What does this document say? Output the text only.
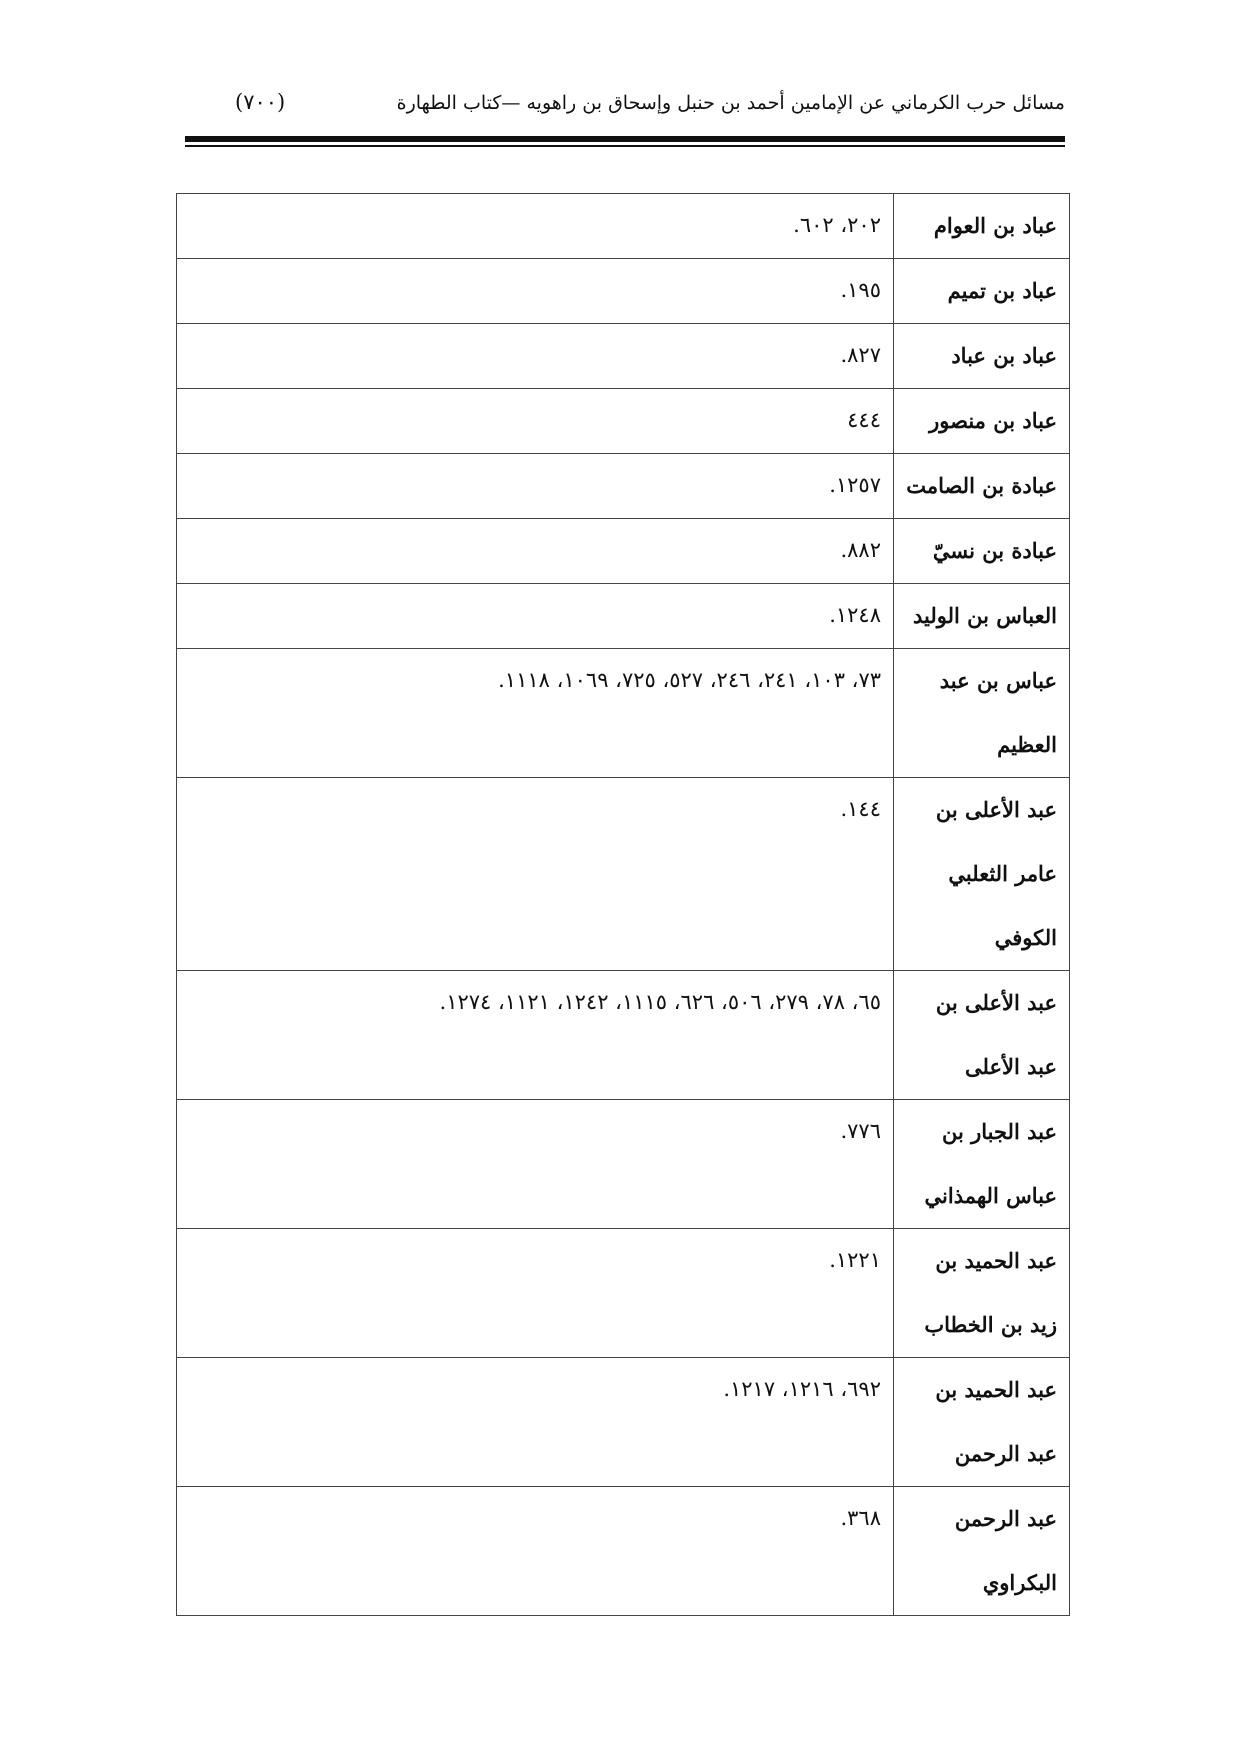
مسائل حرب الكرماني عن الإمامين أحمد بن حنبل وإسحاق بن راهويه —كتاب الطهارة
(٧٠٠)
عباد بن العوام	٢٠٢، ٦٠٢.
عباد بن تميم	١٩٥.
عباد بن عباد	٨٢٧.
عباد بن منصور	٤٤٤
عبادة بن الصامت	١٢٥٧.
عبادة بن نسيّ	٨٨٢.
العباس بن الوليد	١٢٤٨.
عباس بن عبد العظيم	٧٣، ١٠٣، ٢٤١، ٢٤٦، ٥٢٧، ٧٢٥، ١٠٦٩، ١١١٨.
عبد الأعلى بن عامر الثعلبي الكوفي	١٤٤.
عبد الأعلى بن عبد الأعلى	٦٥، ٧٨، ٢٧٩، ٥٠٦، ٦٢٦، ١١١٥، ١٢٤٢، ١١٢١، ١٢٧٤.
عبد الجبار بن عباس الهمذاني	٧٧٦.
عبد الحميد بن زيد بن الخطاب	١٢٢١.
عبد الحميد بن عبد الرحمن	٦٩٢، ١٢١٦، ١٢١٧.
عبد الرحمن البكراوي	٣٦٨.
